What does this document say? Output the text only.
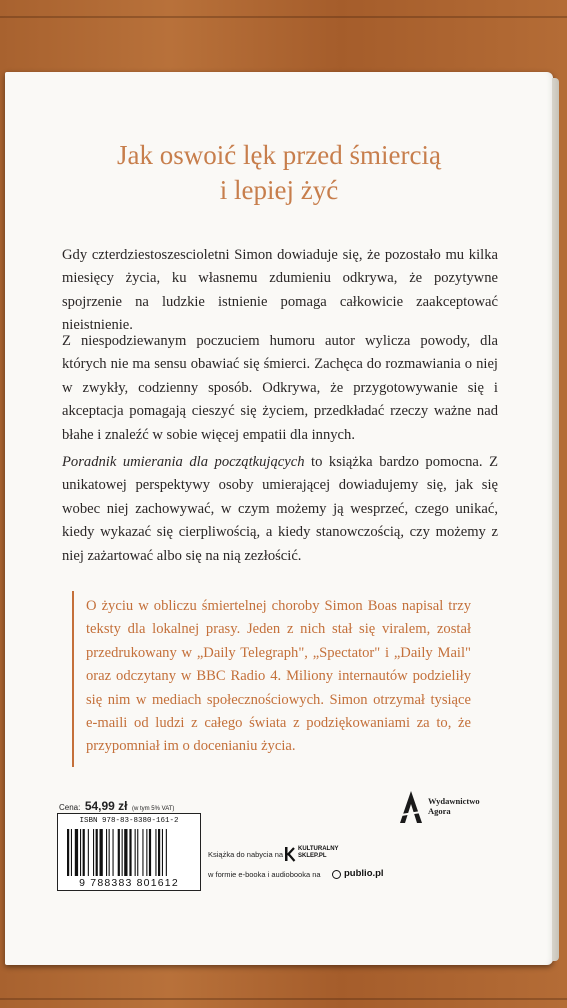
Jak oswoić lęk przed śmiercią
i lepiej żyć

Gdy czterdziestoszescioletni Simon dowiaduje się, że pozostało mu kilka miesięcy życia, ku własnemu zdumieniu odkrywa, że pozytywne spojrzenie na ludzkie istnienie pomaga całkowicie zaakceptować nieistnienie.

Z niespodziewanym poczuciem humoru autor wylicza powody, dla których nie ma sensu obawiać się śmierci. Zachęca do rozmawiania o niej w zwykły, codzienny sposób. Odkrywa, że przygotowywanie się i akceptacja pomagają cieszyć się życiem, przedkładać rzeczy ważne nad błahe i znaleźć w sobie więcej empatii dla innych.

Poradnik umierania dla początkujących to książka bardzo pomocna. Z unikatowej perspektywy osoby umierającej dowiadujemy się, jak się wobec niej zachowywać, w czym możemy ją wesprzeć, czego unikać, kiedy wykazać się cierpliwością, a kiedy stanowczością, czy możemy z niej zażartować albo się na nią zezłościć.

O życiu w obliczu śmiertelnej choroby Simon Boas napisal trzy teksty dla lokalnej prasy. Jeden z nich stał się viralem, został przedrukowany w „Daily Telegraph", „Spectator" i „Daily Mail" oraz odczytany w BBC Radio 4. Miliony internautów podzieliły się nim w mediach społecznościowych. Simon otrzymał tysiące e-maili od ludzi z całego świata z podziękowaniami za to, że przypomniał im o docenianiu życia.

Cena: 54,99 zł (w tym 5% VAT)
ISBN 978-83-8380-161-2
9 788383 801612
Książka do nabycia na
KULTURALNY
SKLEP.PL
w formie e-booka i audiobooka na publio.pl
Wydawnictwo
Agora
